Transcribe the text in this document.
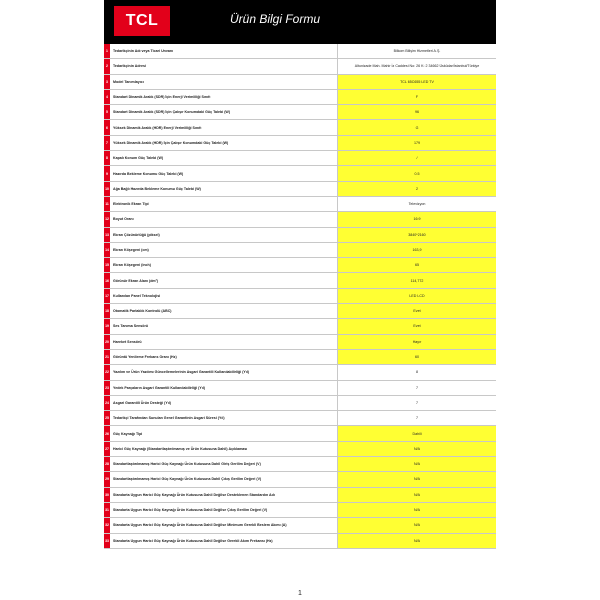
TCL	Ürün Bilgi Formu
1	Tedarikçinin Adı veya Ticari Unvanı	Bilkom Bilişim Hizmetleri A.Ş.
2	Tedarikçinin Adresi	Altunizade Mah. Mahir İz Caddesi No: 26 K: 2 34662 Üsküdar/İstanbul/Türkiye
3	Model Tanımlayıcı	TCL 65C655 LED TV
4	Standart Dinamik Aralık (SDR) İçin Enerji Verimliliği Sınıfı	F
5	Standart Dinamik Aralık (SDR) İçin Çalışır Konumdaki Güç Talebi (W)	96
6	Yüksek Dinamik Aralık (HDR) Enerji Verimliliği Sınıfı	G
7	Yüksek Dinamik Aralık (HDR) İçin Çalışır Konumdaki Güç Talebi (W)	179
8	Kapalı Konum Güç Talebi (W)	/
9	Hazırda Bekleme Konumu Güç Talebi (W)	0.5
10	Ağa Bağlı Hazırda Bekleme Konumu Güç Talebi (W)	2
11	Elektronik Ekran Tipi	Televizyon
12	Boyut Oranı	16:9
13	Ekran Çözünürlüğü (piksel)	3840*2160
14	Ekran Köşegeni (cm)	163,9
15	Ekran Köşegeni (inch)	65
16	Görünür Ekran Alanı (dm²)	114,772
17	Kullanılan Panel Teknolojisi	LED LCD
18	Otomatik Parlaklık Kontrolü (ABC)	Evet
19	Ses Tanıma Sensörü	Evet
20	Hareket Sensörü	Hayır
21	Görüntü Yenileme Frekans Oranı (Hz)	60
22	Yazılım ve Ürün Yazılımı Güncellemelerinin Asgari Garantili Kullanılabilirliği (Yıl)	8
23	Yedek Parçaların Asgari Garantili Kullanılabilirliği (Yıl)	7
24	Asgari Garantili Ürün Desteği (Yıl)	7
25	Tedarikçi Tarafından Sunulan Genel Garantinin Asgari Süresi (Yıl)	7
26	Güç Kaynağı Tipi	Dahili
27	Harici Güç Kaynağı (Standartlaştırılmamış ve Ürün Kutusuna Dahil) Açıklaması	N/A
28	Standartlaştırılmamış Harici Güç Kaynağı Ürün Kutusuna Dahil Giriş Gerilim Değeri (V)	N/A
29	Standartlaştırılmamış Harici Güç Kaynağı Ürün Kutusuna Dahil Çıkış Gerilim Değeri (V)	N/A
30	Standarta Uygun Harici Güç Kaynağı Ürün Kutusuna Dahil Değilse Desteklenen Standardın Adı	N/A
31	Standarta Uygun Harici Güç Kaynağı Ürün Kutusuna Dahil Değilse Çıkış Gerilim Değeri (V)	N/A
32	Standarta Uygun Harici Güç Kaynağı Ürün Kutusuna Dahil Değilse Minimum Gerekli Beslem Akımı (A)	N/A
33	Standarta Uygun Harici Güç Kaynağı Ürün Kutusuna Dahil Değilse Gerekli Akım Frekansı (Hz)	N/A
1
